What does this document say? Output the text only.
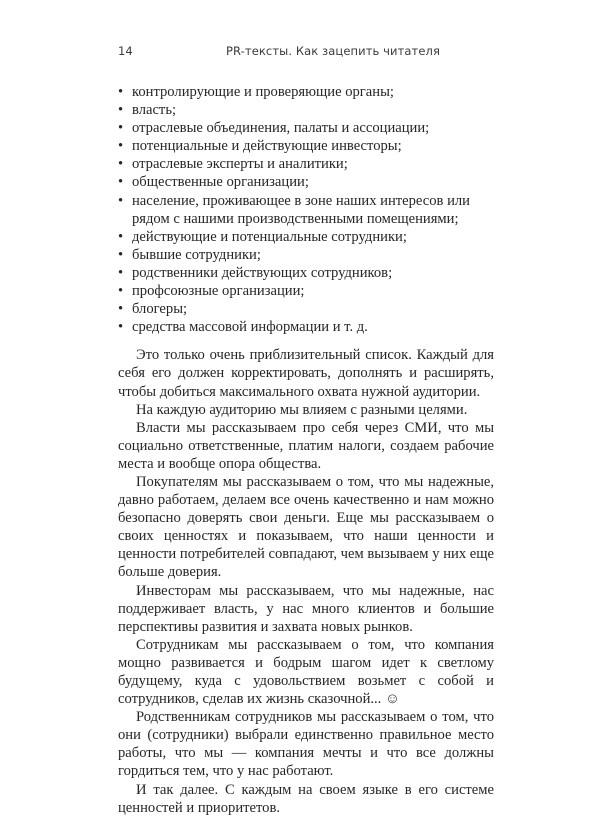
14	PR-тексты. Как зацепить читателя
• контролирующие и проверяющие органы;
• власть;
• отраслевые объединения, палаты и ассоциации;
• потенциальные и действующие инвесторы;
• отраслевые эксперты и аналитики;
• общественные организации;
• население, проживающее в зоне наших интересов или рядом с нашими производственными помещениями;
• действующие и потенциальные сотрудники;
• бывшие сотрудники;
• родственники действующих сотрудников;
• профсоюзные организации;
• блогеры;
• средства массовой информации и т. д.

Это только очень приблизительный список. Каждый для себя его должен корректировать, дополнять и расширять, чтобы добиться максимального охвата нужной аудитории.

На каждую аудиторию мы влияем с разными целями.

Власти мы рассказываем про себя через СМИ, что мы социально ответственные, платим налоги, создаем рабочие места и вообще опора общества.

Покупателям мы рассказываем о том, что мы надежные, давно работаем, делаем все очень качественно и нам можно безопасно доверять свои деньги. Еще мы рассказываем о своих ценностях и показываем, что наши ценности и ценности потребителей совпадают, чем вызываем у них еще больше доверия.

Инвесторам мы рассказываем, что мы надежные, нас поддерживает власть, у нас много клиентов и большие перспективы развития и захвата новых рынков.

Сотрудникам мы рассказываем о том, что компания мощно развивается и бодрым шагом идет к светлому будущему, куда с удовольствием возьмет с собой и сотрудников, сделав их жизнь сказочной... ☺

Родственникам сотрудников мы рассказываем о том, что они (сотрудники) выбрали единственно правильное место работы, что мы — компания мечты и что все должны гордиться тем, что у нас работают.

И так далее. С каждым на своем языке в его системе ценностей и приоритетов.
